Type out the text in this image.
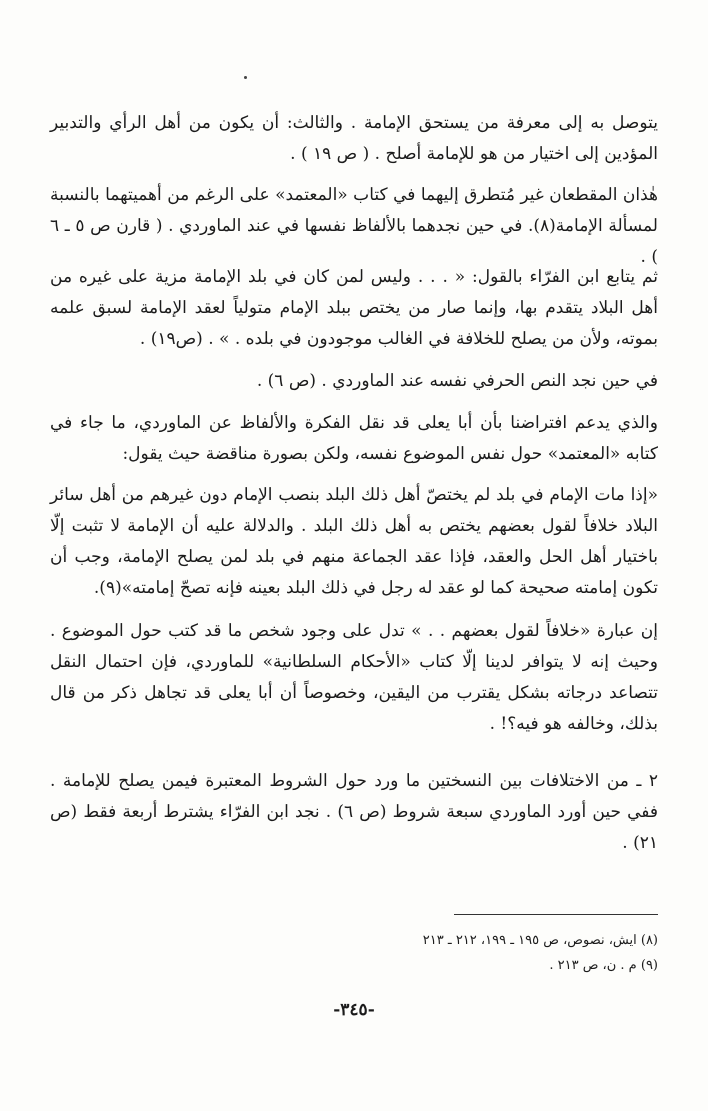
يتوصل به إلى معرفة من يستحق الإمامة . والثالث: أن يكون من أهل الرأي والتدبير المؤدين إلى اختيار من هو للإمامة أصلح . ( ص ١٩ ) .

هٰذان المقطعان غير مُتطرق إليهما في كتاب «المعتمد» على الرغم من أهميتهما بالنسبة لمسألة الإمامة(٨). في حين نجدهما بالألفاظ نفسها في عند الماوردي . ( قارن ص ٥ ـ ٦ ) .

ثم يتابع ابن الفرّاء بالقول: « . . . وليس لمن كان في بلد الإمامة مزية على غيره من أهل البلاد يتقدم بها، وإنما صار من يختص ببلد الإمام متولياً لعقد الإمامة لسبق علمه بموته، ولأن من يصلح للخلافة في الغالب موجودون في بلده . » . (ص١٩) .

في حين نجد النص الحرفي نفسه عند الماوردي . (ص ٦) .

والذي يدعم افتراضنا بأن أبا يعلى قد نقل الفكرة والألفاظ عن الماوردي، ما جاء في كتابه «المعتمد» حول نفس الموضوع نفسه، ولكن بصورة مناقضة حيث يقول:

«إذا مات الإمام في بلد لم يختصّ أهل ذلك البلد بنصب الإمام دون غيرهم من أهل سائر البلاد خلافاً لقول بعضهم يختص به أهل ذلك البلد . والدلالة عليه أن الإمامة لا تثبت إلّا باختيار أهل الحل والعقد، فإذا عقد الجماعة منهم في بلد لمن يصلح الإمامة، وجب أن تكون إمامته صحيحة كما لو عقد له رجل في ذلك البلد بعينه فإنه تصحّ إمامته»(٩).

إن عبارة «خلافاً لقول بعضهم . . » تدل على وجود شخص ما قد كتب حول الموضوع . وحيث إنه لا يتوافر لدينا إلّا كتاب «الأحكام السلطانية» للماوردي، فإن احتمال النقل تتصاعد درجاته بشكل يقترب من اليقين، وخصوصاً أن أبا يعلى قد تجاهل ذكر من قال بذلك، وخالفه هو فيه؟! .

٢ ـ من الاختلافات بين النسختين ما ورد حول الشروط المعتبرة فيمن يصلح للإمامة . ففي حين أورد الماوردي سبعة شروط (ص ٦) . نجد ابن الفرّاء يشترط أربعة فقط (ص ٢١) .

(٨) ايش، نصوص، ص ١٩٥ ـ ١٩٩، ٢١٢ ـ ٢١٣

(٩) م . ن، ص ٢١٣ .

-٣٤٥-
